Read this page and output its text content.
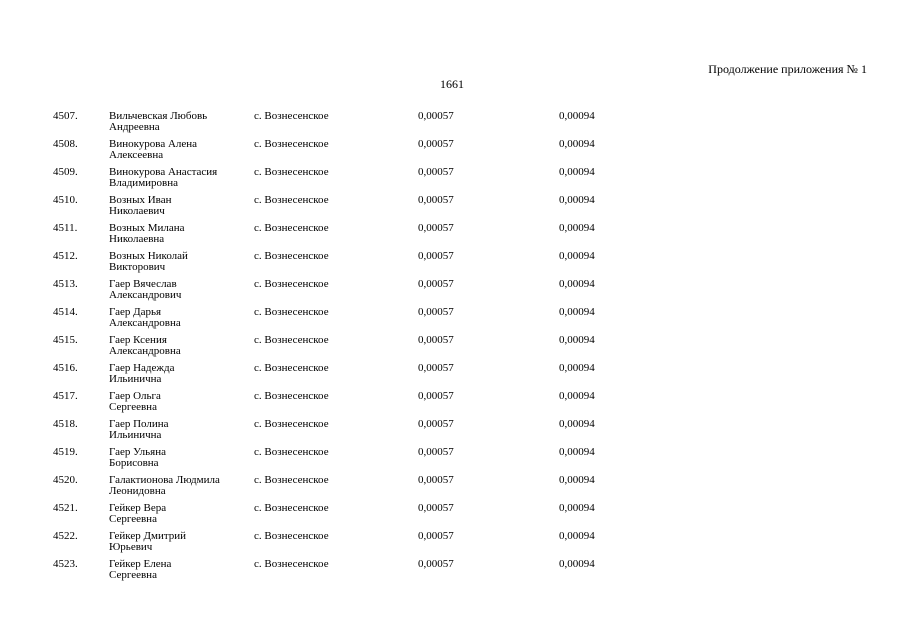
Продолжение приложения № 1
1661
4507.	Вильчевская Любовь
Андреевна
с. Вознесенское	0,00057	0,00094
4508.	Винокурова Алена
Алексеевна
с. Вознесенское	0,00057	0,00094
4509.	Винокурова Анастасия
Владимировна
с. Вознесенское	0,00057	0,00094
4510.	Возных Иван
Николаевич
с. Вознесенское	0,00057	0,00094
4511.	Возных Милана
Николаевна
с. Вознесенское	0,00057	0,00094
4512.	Возных Николай
Викторович
с. Вознесенское	0,00057	0,00094
4513.	Гаер Вячеслав
Александрович
с. Вознесенское	0,00057	0,00094
4514.	Гаер Дарья
Александровна
с. Вознесенское	0,00057	0,00094
4515.	Гаер Ксения
Александровна
с. Вознесенское	0,00057	0,00094
4516.	Гаер Надежда
Ильинична
с. Вознесенское	0,00057	0,00094
4517.	Гаер Ольга
Сергеевна
с. Вознесенское	0,00057	0,00094
4518.	Гаер Полина
Ильинична
с. Вознесенское	0,00057	0,00094
4519.	Гаер Ульяна
Борисовна
с. Вознесенское	0,00057	0,00094
4520.	Галактионова Людмила
Леонидовна
с. Вознесенское	0,00057	0,00094
4521.	Гейкер Вера
Сергеевна
с. Вознесенское	0,00057	0,00094
4522.	Гейкер Дмитрий
Юрьевич
с. Вознесенское	0,00057	0,00094
4523.	Гейкер Елена
Сергеевна
с. Вознесенское	0,00057	0,00094
